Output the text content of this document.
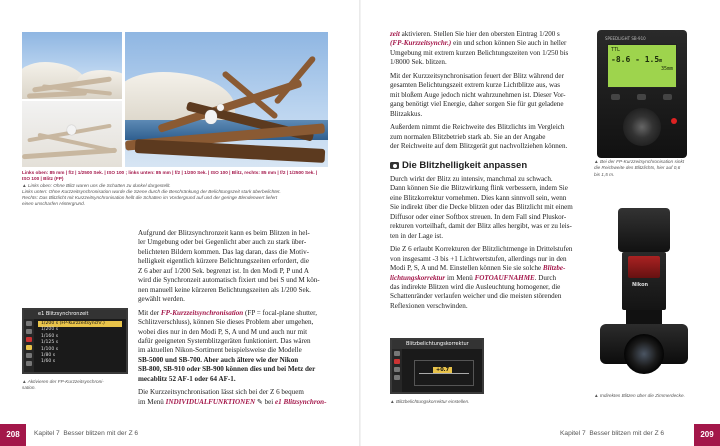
Links oben: 85 mm | f/2 | 1/2500 Sek. | ISO 100 ; links unten: 85 mm | f/2 | 1/200 Sek. | ISO 100 | Blitz, rechts: 85 mm | f/2 | 1/2500 Sek. |
ISO 100 | Blitz (FP)
▲ Links oben: Ohne Blitz waren uns die Schatten zu dunkel dargestellt.
Links unten: Ohne Kurzzeitsynchronisation wurde die Szene durch die Beschränkung der Belichtungszeit stark überbelichtet.
Rechts: Das Blitzlicht mit Kurzzeitsynchronisation hellt die Schatten im Vordergrund auf und der geringe Blendenwert liefert
einen unscharfen Hintergrund.

Aufgrund der Blitzsynchronzeit kann es beim Blitzen in hel-
ler Umgebung oder bei Gegenlicht aber auch zu stark über-
belichteten Bildern kommen. Das lag daran, dass die Motiv-
helligkeit eigentlich kürzere Belichtungszeiten erfordert, die
Z 6 aber auf 1/200 Sek. begrenzt ist. In den Modi P, P und A
wird die Synchronzeit automatisch fixiert und bei S und M kön-
nen manuell keine kürzeren Belichtungszeiten als 1/200 Sek.
gewählt werden.

Mit der FP-Kurzzeitsynchronisation (FP = focal-plane shutter,
Schlitzverschluss), können Sie dieses Problem aber umgehen,
wobei dies nur in den Modi P, S, A und M und auch nur mit
dafür geeigneten Systemblitzgeräten funktioniert. Das wären
im aktuellen Nikon-Sortiment beispielsweise die Modelle
SB-5000 und SB-700. Aber auch ältere wie der Nikon
SB-800, SB-910 oder SB-900 können dies und bei Metz der
mecablitz 52 AF-1 oder 64 AF-1.

Die Kurzzeitsynchronisation lässt sich bei der Z 6 bequem
im Menü INDIVIDUALFUNKTIONEN ✎ bei e1 Blitzsynchron-

e1 Blitzsynchronzeit
1/200 s (FP-Kurzzeitsynchr.)
1/200 s
1/160 s
1/125 s
1/100 s
1/80 s
1/60 s
▲ Aktivieren der FP-Kurzzeitsynchroni-
sation.
208	Kapitel 7 Besser blitzen mit der Z 6

zeit aktivieren. Stellen Sie hier den obersten Eintrag 1/200 s
(FP-Kurzzeitsynchr.) ein und schon können Sie auch in heller
Umgebung mit extrem kurzen Belichtungszeiten von 1/250 bis
1/8000 Sek. blitzen.

Mit der Kurzzeitsynchronisation feuert der Blitz während der
gesamten Belichtungszeit extrem kurze Lichtblitze aus, was
mit bloßem Auge jedoch nicht wahrzunehmen ist. Dieser Vor-
gang benötigt viel Energie, daher sorgen Sie für gut geladene
Blitzakkus.

Außerdem nimmt die Reichweite des Blitzlichts im Vergleich
zum normalen Blitzbetrieb stark ab. Sie an der Angabe
der Reichweite auf dem Blitzgerät gut nachvollziehen können.

Die Blitzhelligkeit anpassen

Durch wirkt der Blitz zu intensiv, manchmal zu schwach.
Dann können Sie die Blitzwirkung flink verbessern, indem Sie
eine Blitzkorrektur vornehmen. Dies kann sinnvoll sein, wenn
Sie indirekt über die Decke blitzen oder das Blitzlicht mit einem
Diffusor oder einer Softbox streuen. In dem Fall sind Pluskor-
rekturen vorteilhaft, damit der Blitz alles hergibt, was er zu leis-
ten in der Lage ist.

Die Z 6 erlaubt Korrekturen der Blitzlichtmenge in Drittelstufen
von insgesamt -3 bis +1 Lichtwertstufen, allerdings nur in den
Modi P, S, A und M. Einstellen können Sie sie solche Blitzbe-
lichtungskorrektur im Menü FOTOAUFNAHME. Durch
das indirekte Blitzen wird die Ausleuchtung homogener, die
Schattenränder verlaufen weicher und die meisten störenden
Reflexionen verschwinden.

Blitzbelichtungskorrektur
+0.7
▲ Blitzbelichtungskorrektur einstellen.
SPEEDLIGHT SB-910
TTL
-8.6 - 1.5m
35mm
▲ Bei der FP-Kurzzeitsynchronisation sinkt
die Reichweite des Blitzlichts, hier auf 0,6
bis 1,5 m.
Nikon
▲ Indirektes Blitzen über die Zimmerdecke.
Kapitel 7 Besser blitzen mit der Z 6	209
